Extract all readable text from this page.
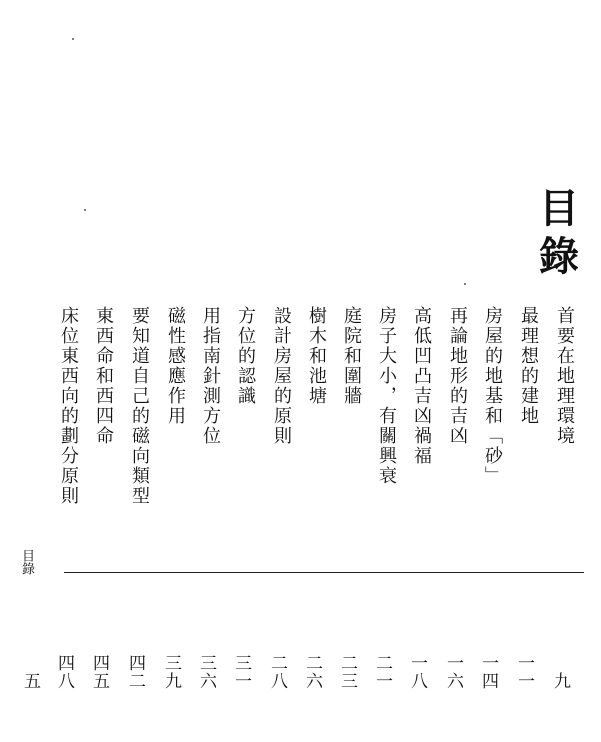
目
錄
首要在地理環境
最理想的建地
房屋的地基和「砂」
再論地形的吉凶
高低凹凸吉凶禍福
房子大小，有關興衰
庭院和圍牆
樹木和池塘
設計房屋的原則
方位的認識
用指南針測方位
磁性感應作用
要知道自己的磁向類型
東西命和西四命
床位東西向的劃分原則
目錄
九
一一
一四
一六
一八
二一
二三
二六
二八
三一
三六
三九
四二
四五
四八
五
